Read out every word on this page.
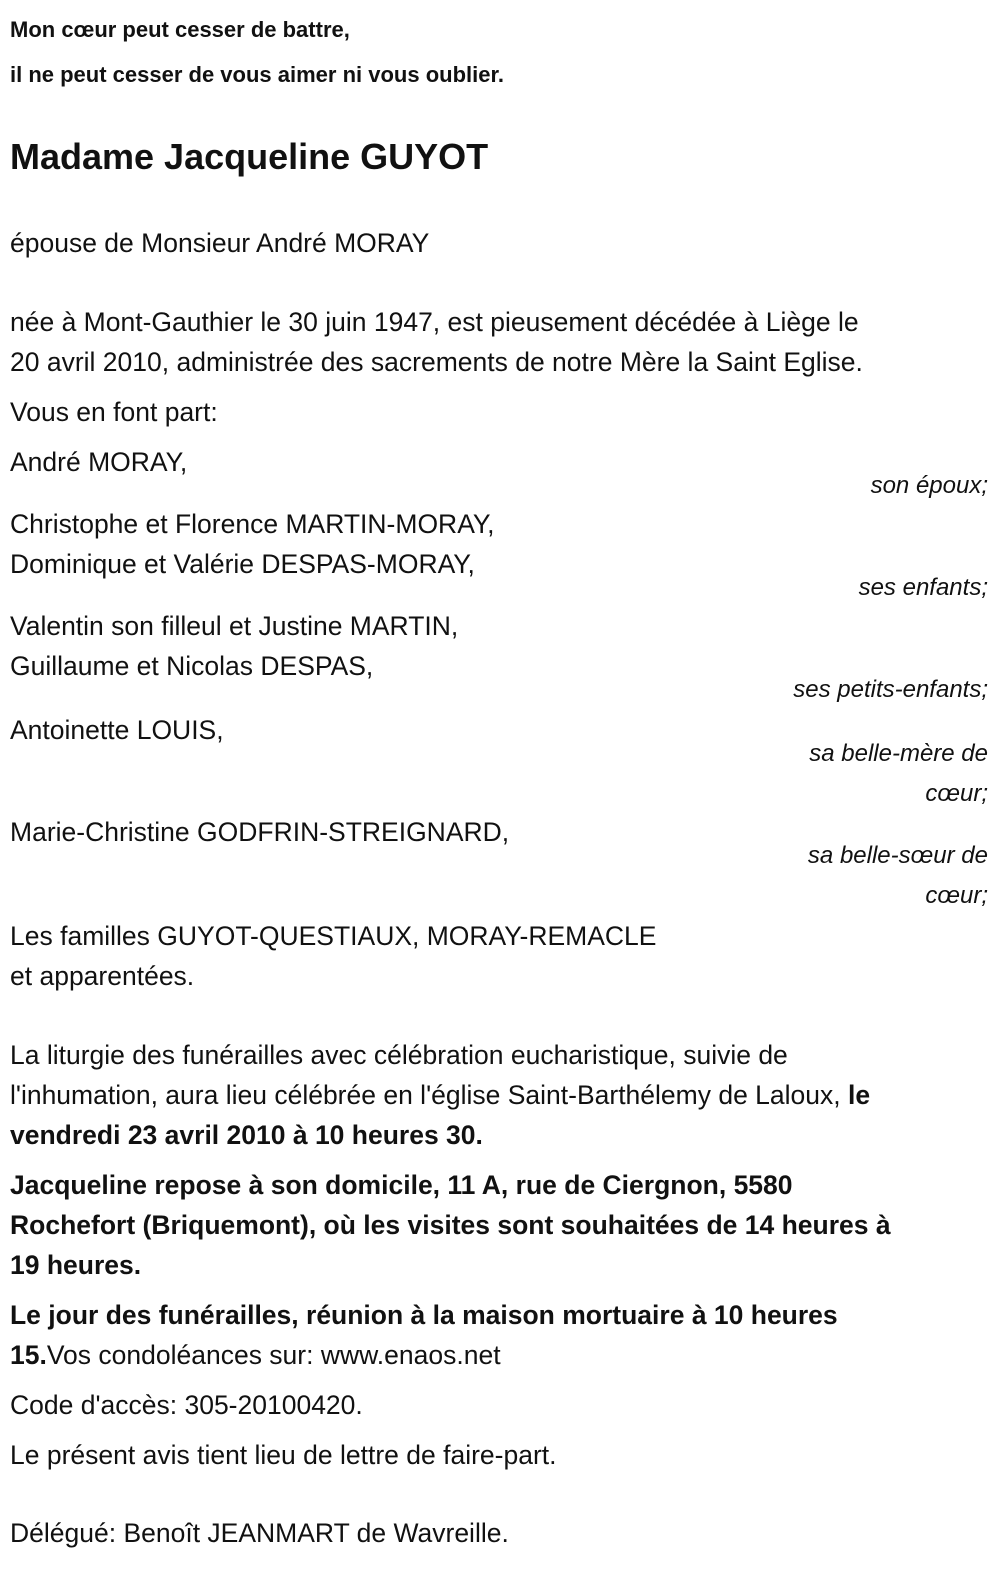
Mon cœur peut cesser de battre,
il ne peut cesser de vous aimer ni vous oublier.
Madame Jacqueline GUYOT
épouse de Monsieur André MORAY
née à Mont-Gauthier le 30 juin 1947, est pieusement décédée à Liège le
20 avril 2010, administrée des sacrements de notre Mère la Saint Eglise.
Vous en font part:
André MORAY,
son époux;
Christophe et Florence MARTIN-MORAY,
Dominique et Valérie DESPAS-MORAY,
ses enfants;
Valentin son filleul et Justine MARTIN,
Guillaume et Nicolas DESPAS,
ses petits-enfants;
Antoinette LOUIS,
sa belle-mère de
cœur;
Marie-Christine GODFRIN-STREIGNARD,
sa belle-sœur de
cœur;
Les familles GUYOT-QUESTIAUX, MORAY-REMACLE
et apparentées.
La liturgie des funérailles avec célébration eucharistique, suivie de
l'inhumation, aura lieu célébrée en l'église Saint-Barthélemy de Laloux, le
vendredi 23 avril 2010 à 10 heures 30.
Jacqueline repose à son domicile, 11 A, rue de Ciergnon, 5580
Rochefort (Briquemont), où les visites sont souhaitées de 14 heures à
19 heures.
Le jour des funérailles, réunion à la maison mortuaire à 10 heures
15.Vos condoléances sur: www.enaos.net
Code d'accès: 305-20100420.
Le présent avis tient lieu de lettre de faire-part.
Délégué: Benoît JEANMART de Wavreille.
